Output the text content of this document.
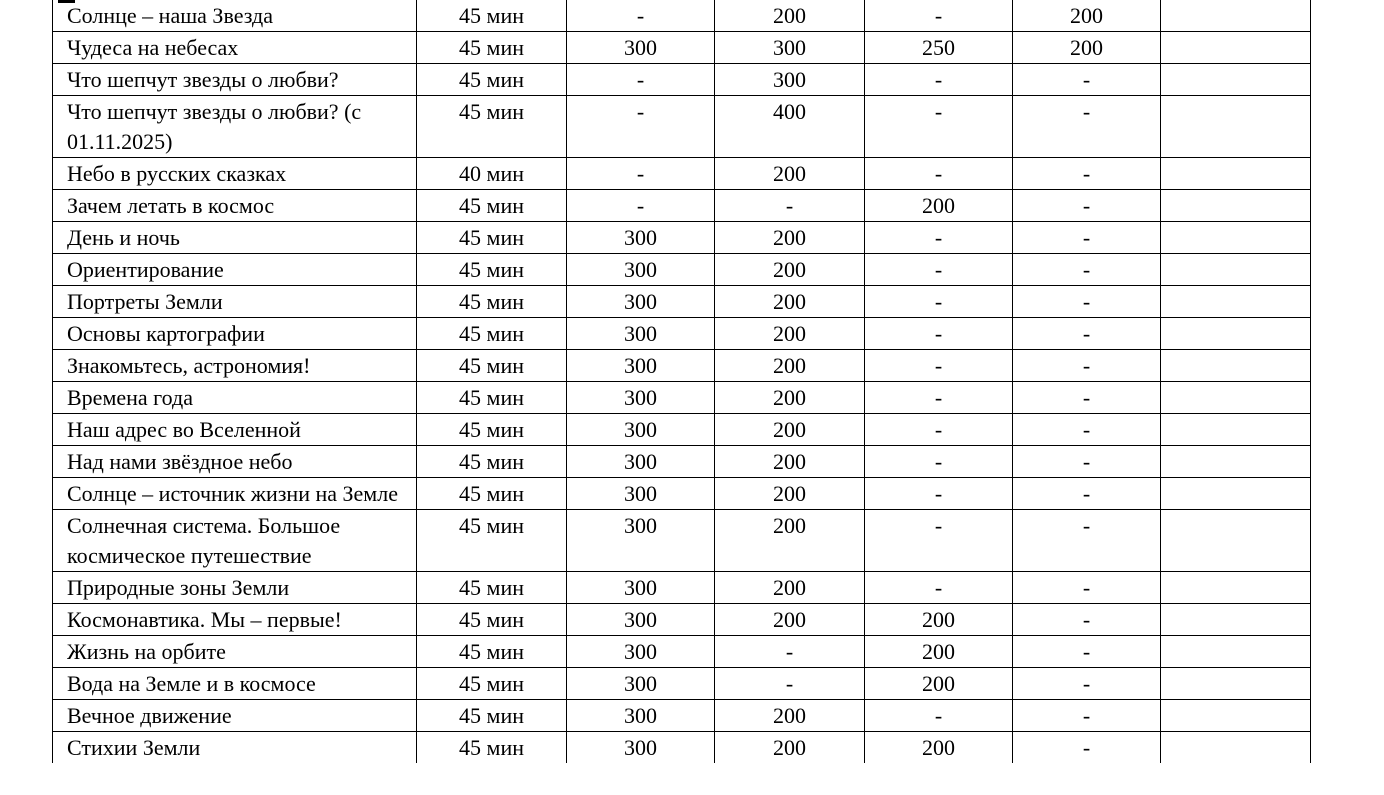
Солнце – наша Звезда	45 мин	-	200	-	200	
Чудеса на небесах	45 мин	300	300	250	200	
Что шепчут звезды о любви?	45 мин	-	300	-	-	
Что шепчут звезды о любви? (с 01.11.2025)	45 мин	-	400	-	-	
Небо в русских сказках	40 мин	-	200	-	-	
Зачем летать в космос	45 мин	-	-	200	-	
День и ночь	45 мин	300	200	-	-	
Ориентирование	45 мин	300	200	-	-	
Портреты Земли	45 мин	300	200	-	-	
Основы картографии	45 мин	300	200	-	-	
Знакомьтесь, астрономия!	45 мин	300	200	-	-	
Времена года	45 мин	300	200	-	-	
Наш адрес во Вселенной	45 мин	300	200	-	-	
Над нами звёздное небо	45 мин	300	200	-	-	
Солнце – источник жизни на Земле	45 мин	300	200	-	-	
Солнечная система. Большое космическое путешествие	45 мин	300	200	-	-	
Природные зоны Земли	45 мин	300	200	-	-	
Космонавтика. Мы – первые!	45 мин	300	200	200	-	
Жизнь на орбите	45 мин	300	-	200	-	
Вода на Земле и в космосе	45 мин	300	-	200	-	
Вечное движение	45 мин	300	200	-	-	
Стихии Земли	45 мин	300	200	200	-	
